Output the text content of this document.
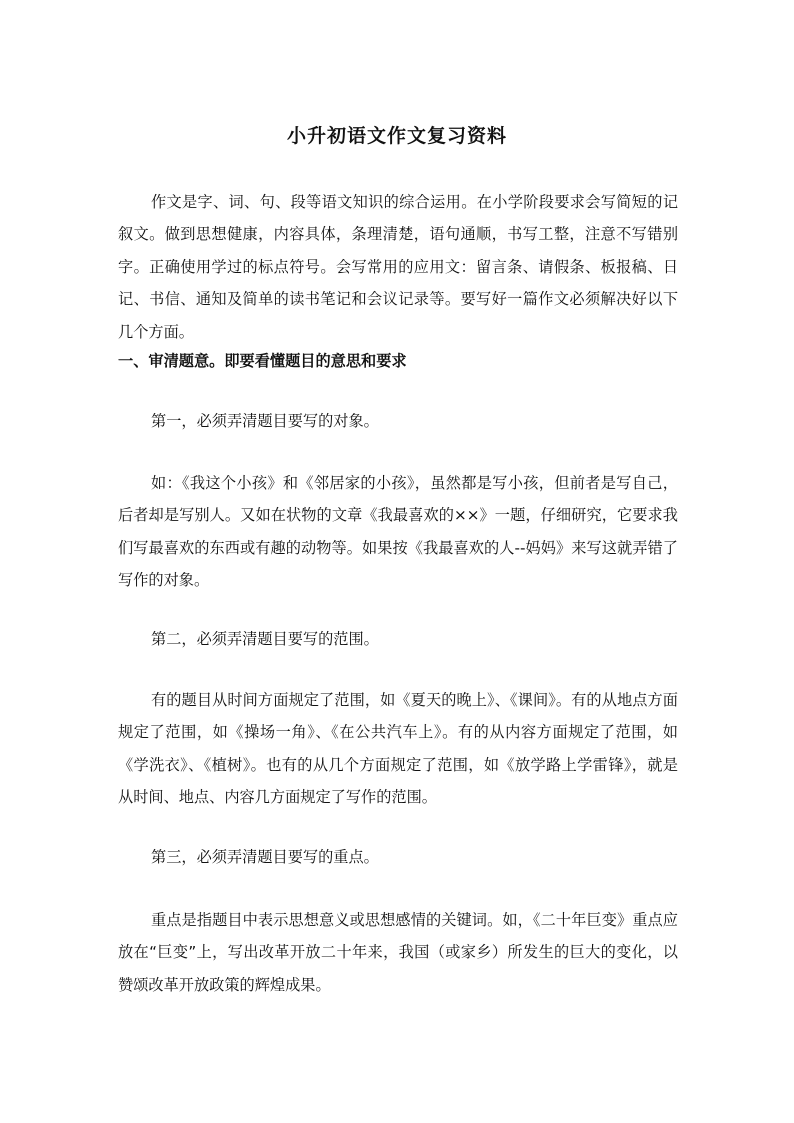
小升初语文作文复习资料

作文是字、词、句、段等语文知识的综合运用。在小学阶段要求会写简短的记叙文。做到思想健康，内容具体，条理清楚，语句通顺，书写工整，注意不写错别字。正确使用学过的标点符号。会写常用的应用文：留言条、请假条、板报稿、日记、书信、通知及简单的读书笔记和会议记录等。要写好一篇作文必须解决好以下几个方面。

一、审清题意。即要看懂题目的意思和要求

第一，必须弄清题目要写的对象。

如：《我这个小孩》和《邻居家的小孩》，虽然都是写小孩，但前者是写自己，后者却是写别人。又如在状物的文章《我最喜欢的××》一题，仔细研究，它要求我们写最喜欢的东西或有趣的动物等。如果按《我最喜欢的人--妈妈》来写这就弄错了写作的对象。

第二，必须弄清题目要写的范围。

有的题目从时间方面规定了范围，如《夏天的晚上》、《课间》。有的从地点方面规定了范围，如《操场一角》、《在公共汽车上》。有的从内容方面规定了范围，如《学洗衣》、《植树》。也有的从几个方面规定了范围，如《放学路上学雷锋》，就是从时间、地点、内容几方面规定了写作的范围。

第三，必须弄清题目要写的重点。

重点是指题目中表示思想意义或思想感情的关键词。如，《二十年巨变》重点应放在“巨变”上，写出改革开放二十年来，我国（或家乡）所发生的巨大的变化，以赞颂改革开放政策的辉煌成果。
